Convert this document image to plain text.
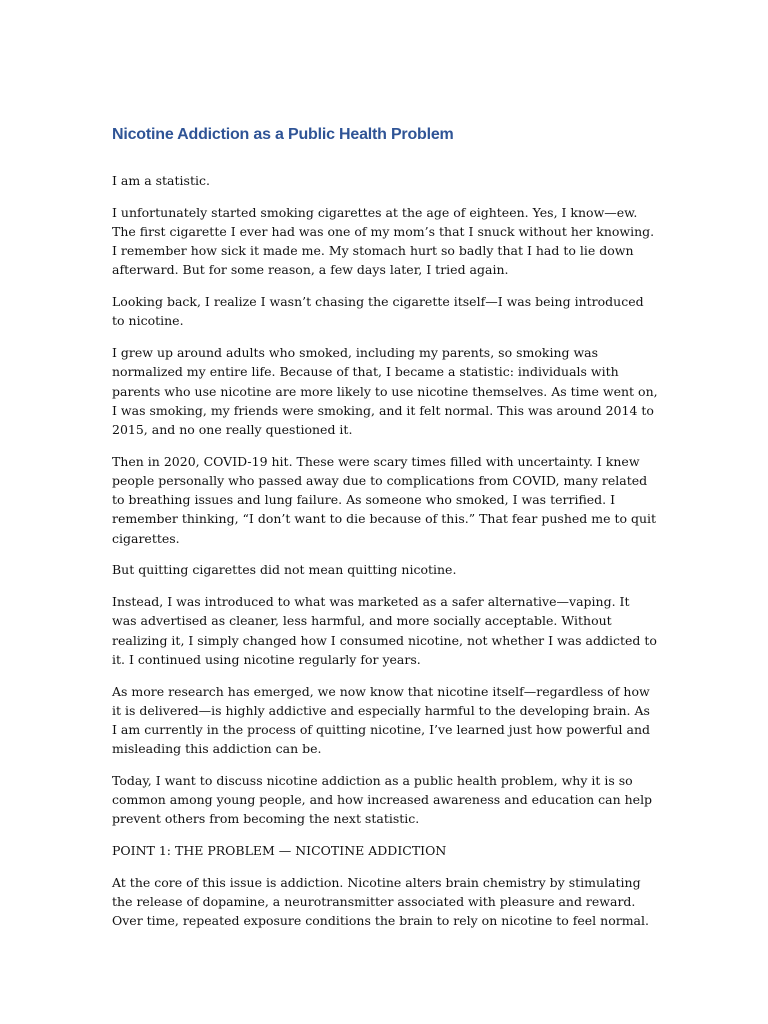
Nicotine Addiction as a Public Health Problem

I am a statistic.

I unfortunately started smoking cigarettes at the age of eighteen. Yes, I know—ew. The first cigarette I ever had was one of my mom’s that I snuck without her knowing. I remember how sick it made me. My stomach hurt so badly that I had to lie down afterward. But for some reason, a few days later, I tried again.

Looking back, I realize I wasn’t chasing the cigarette itself—I was being introduced to nicotine.

I grew up around adults who smoked, including my parents, so smoking was normalized my entire life. Because of that, I became a statistic: individuals with parents who use nicotine are more likely to use nicotine themselves. As time went on, I was smoking, my friends were smoking, and it felt normal. This was around 2014 to 2015, and no one really questioned it.

Then in 2020, COVID-19 hit. These were scary times filled with uncertainty. I knew people personally who passed away due to complications from COVID, many related to breathing issues and lung failure. As someone who smoked, I was terrified. I remember thinking, “I don’t want to die because of this.” That fear pushed me to quit cigarettes.

But quitting cigarettes did not mean quitting nicotine.

Instead, I was introduced to what was marketed as a safer alternative—vaping. It was advertised as cleaner, less harmful, and more socially acceptable. Without realizing it, I simply changed how I consumed nicotine, not whether I was addicted to it. I continued using nicotine regularly for years.

As more research has emerged, we now know that nicotine itself—regardless of how it is delivered—is highly addictive and especially harmful to the developing brain. As I am currently in the process of quitting nicotine, I’ve learned just how powerful and misleading this addiction can be.

Today, I want to discuss nicotine addiction as a public health problem, why it is so common among young people, and how increased awareness and education can help prevent others from becoming the next statistic.

POINT 1: THE PROBLEM — NICOTINE ADDICTION

At the core of this issue is addiction. Nicotine alters brain chemistry by stimulating the release of dopamine, a neurotransmitter associated with pleasure and reward. Over time, repeated exposure conditions the brain to rely on nicotine to feel normal.
